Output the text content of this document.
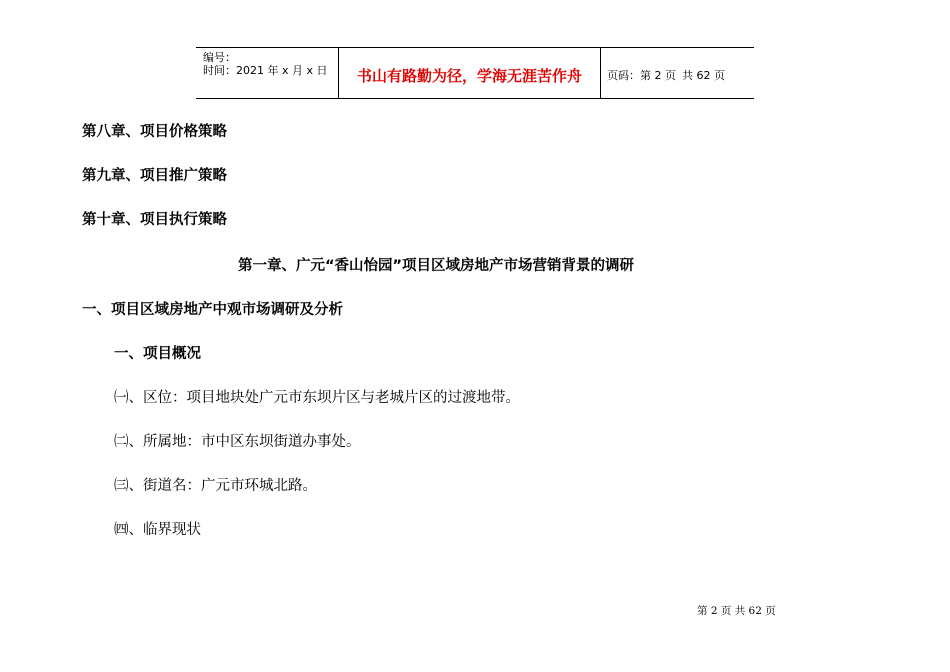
编号：
时间：2021 年 x 月 x 日	书山有路勤为径，学海无涯苦作舟	页码：第 2 页 共 62 页
第八章、项目价格策略
第九章、项目推广策略
第十章、项目执行策略
第一章、广元“香山怡园”项目区域房地产市场营销背景的调研
一、项目区域房地产中观市场调研及分析
一、项目概况
㈠、区位：项目地块处广元市东坝片区与老城片区的过渡地带。
㈡、所属地：市中区东坝街道办事处。
㈢、街道名：广元市环城北路。
㈣、临界现状
第 2 页 共 62 页
